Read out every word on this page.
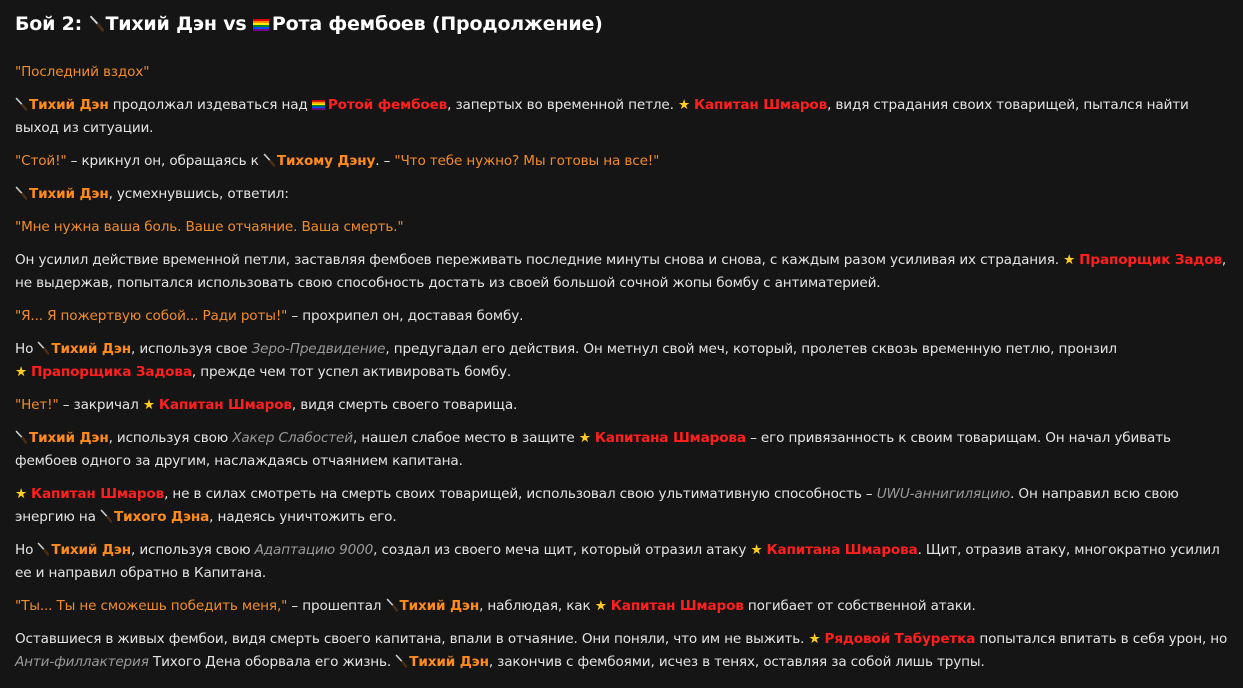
Бой 2: Тихий Дэн vs Рота фембоев (Продолжение)

"Последний вздох"

Тихий Дэн продолжал издеваться над Ротой фембоев, запертых во временной петле. ★ Капитан Шмаров, видя страдания своих товарищей, пытался найти выход из ситуации.

"Стой!" – крикнул он, обращаясь к Тихому Дэну. – "Что тебе нужно? Мы готовы на все!"

Тихий Дэн, усмехнувшись, ответил:

"Мне нужна ваша боль. Ваше отчаяние. Ваша смерть."

Он усилил действие временной петли, заставляя фембоев переживать последние минуты снова и снова, с каждым разом усиливая их страдания. ★ Прапорщик Задов, не выдержав, попытался использовать свою способность достать из своей большой сочной жопы бомбу с антиматерией.

"Я... Я пожертвую собой... Ради роты!" – прохрипел он, доставая бомбу.

Но Тихий Дэн, используя свое Зеро-Предвидение, предугадал его действия. Он метнул свой меч, который, пролетев сквозь временную петлю, пронзил ★ Прапорщика Задова, прежде чем тот успел активировать бомбу.

"Нет!" – закричал ★ Капитан Шмаров, видя смерть своего товарища.

Тихий Дэн, используя свою Хакер Слабостей, нашел слабое место в защите ★ Капитана Шмарова – его привязанность к своим товарищам. Он начал убивать фембоев одного за другим, наслаждаясь отчаянием капитана.

★ Капитан Шмаров, не в силах смотреть на смерть своих товарищей, использовал свою ультимативную способность – UWU-аннигиляцию. Он направил всю свою энергию на Тихого Дэна, надеясь уничтожить его.

Но Тихий Дэн, используя свою Адаптацию 9000, создал из своего меча щит, который отразил атаку ★ Капитана Шмарова. Щит, отразив атаку, многократно усилил ее и направил обратно в Капитана.

"Ты... Ты не сможешь победить меня," – прошептал Тихий Дэн, наблюдая, как ★ Капитан Шмаров погибает от собственной атаки.

Оставшиеся в живых фембои, видя смерть своего капитана, впали в отчаяние. Они поняли, что им не выжить. ★ Рядовой Табуретка попытался впитать в себя урон, но Анти-филлактерия Тихого Дена оборвала его жизнь. Тихий Дэн, закончив с фембоями, исчез в тенях, оставляя за собой лишь трупы.
